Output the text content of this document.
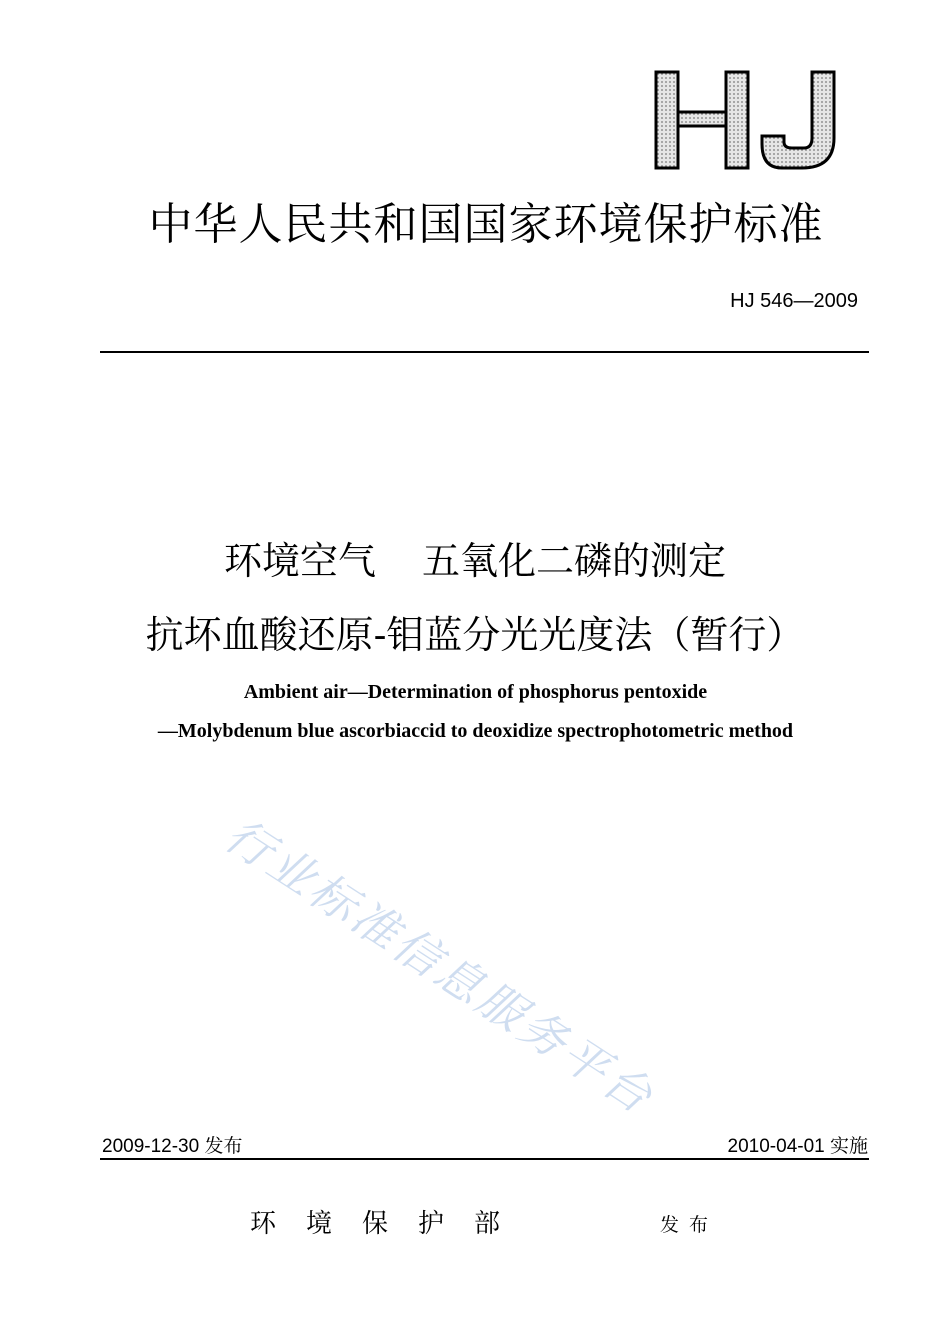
中华人民共和国国家环境保护标准
HJ 546—2009
环境空气 五氧化二磷的测定
抗坏血酸还原-钼蓝分光光度法（暂行）
Ambient air—Determination of phosphorus pentoxide
—Molybdenum blue ascorbiaccid to deoxidize spectrophotometric method
行业标准信息服务平台
2009-12-30 发布	2010-04-01 实施
环境保护部	发布
